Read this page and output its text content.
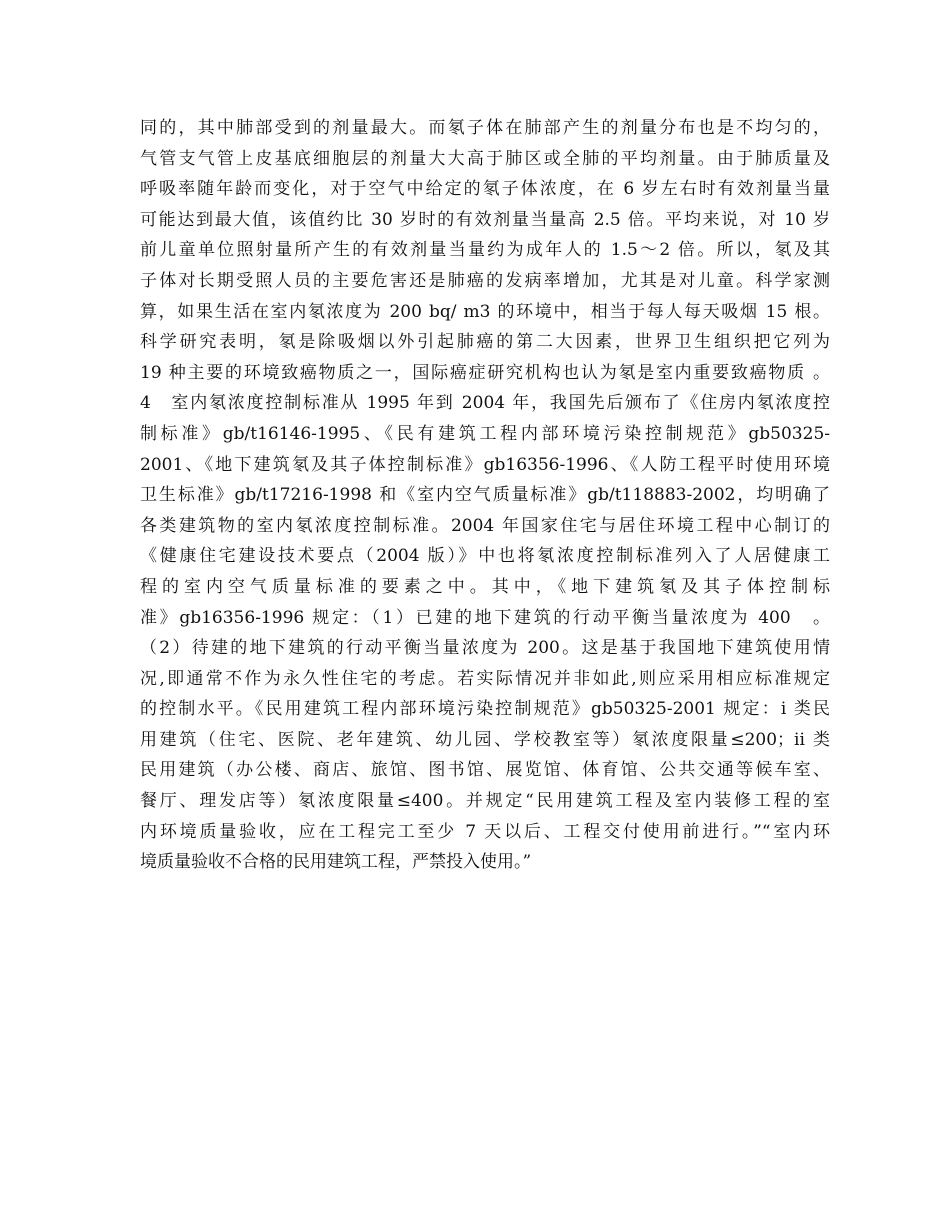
同的，其中肺部受到的剂量最大。而氡子体在肺部产生的剂量分布也是不均匀的，
气管支气管上皮基底细胞层的剂量大大高于肺区或全肺的平均剂量。由于肺质量及
呼吸率随年龄而变化，对于空气中给定的氡子体浓度，在 6 岁左右时有效剂量当量
可能达到最大值，该值约比 30 岁时的有效剂量当量高 2.5 倍。平均来说，对 10 岁
前儿童单位照射量所产生的有效剂量当量约为成年人的 1.5～2 倍。所以，氡及其
子体对长期受照人员的主要危害还是肺癌的发病率增加，尤其是对儿童。科学家测
算，如果生活在室内氡浓度为 200 bq/ m3 的环境中，相当于每人每天吸烟 15 根。
科学研究表明，氡是除吸烟以外引起肺癌的第二大因素，世界卫生组织把它列为
19 种主要的环境致癌物质之一，国际癌症研究机构也认为氡是室内重要致癌物质 。
4　室内氡浓度控制标准从 1995 年到 2004 年，我国先后颁布了《住房内氡浓度控
制标准》gb/t16146-1995、《民有建筑工程内部环境污染控制规范》gb50325-
2001、《地下建筑氡及其子体控制标准》gb16356-1996、《人防工程平时使用环境
卫生标准》gb/t17216-1998 和《室内空气质量标准》gb/t118883-2002，均明确了
各类建筑物的室内氡浓度控制标准。2004 年国家住宅与居住环境工程中心制订的
《健康住宅建设技术要点（2004 版）》中也将氡浓度控制标准列入了人居健康工
程的室内空气质量标准的要素之中。其中，《地下建筑氡及其子体控制标
准》gb16356-1996 规定：（1）已建的地下建筑的行动平衡当量浓度为 400　。
（2）待建的地下建筑的行动平衡当量浓度为 200。这是基于我国地下建筑使用情
况,即通常不作为永久性住宅的考虑。若实际情况并非如此,则应采用相应标准规定
的控制水平。《民用建筑工程内部环境污染控制规范》gb50325-2001 规定：i 类民
用建筑（住宅、医院、老年建筑、幼儿园、学校教室等）氡浓度限量≤200；ii 类
民用建筑（办公楼、商店、旅馆、图书馆、展览馆、体育馆、公共交通等候车室、
餐厅、理发店等）氡浓度限量≤400。并规定“民用建筑工程及室内装修工程的室
内环境质量验收，应在工程完工至少 7 天以后、工程交付使用前进行。”“室内环
境质量验收不合格的民用建筑工程，严禁投入使用。”
